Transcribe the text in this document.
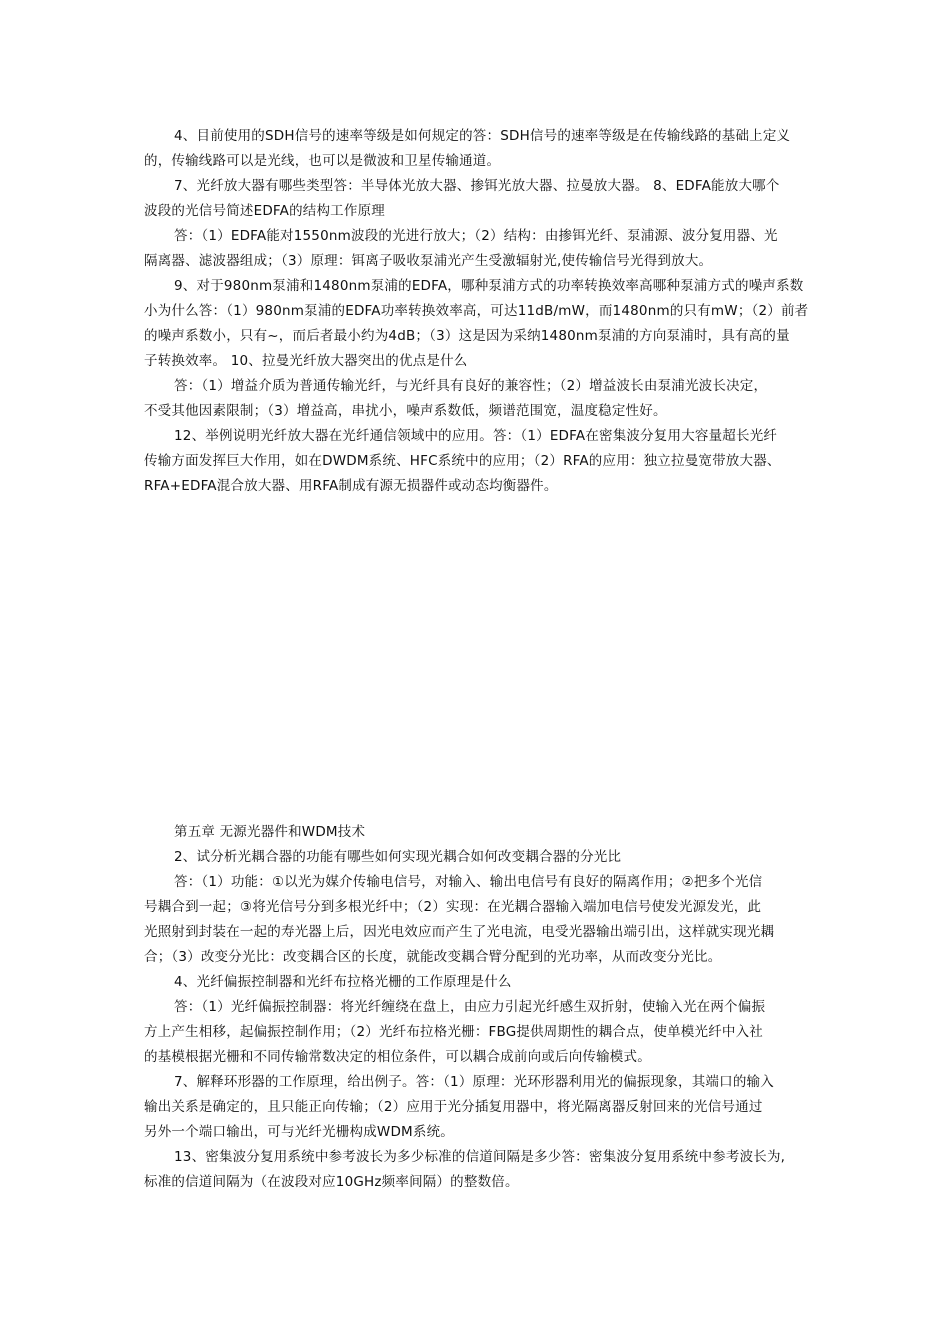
4、目前使用的SDH信号的速率等级是如何规定的答：SDH信号的速率等级是在传输线路的基础上定义
的，传输线路可以是光线，也可以是微波和卫星传输通道。
7、光纤放大器有哪些类型答：半导体光放大器、掺铒光放大器、拉曼放大器。 8、EDFA能放大哪个
波段的光信号简述EDFA的结构工作原理
答：（1）EDFA能对1550nm波段的光进行放大；（2）结构：由掺铒光纤、泵浦源、波分复用器、光
隔离器、滤波器组成；（3）原理：铒离子吸收泵浦光产生受激辐射光,使传输信号光得到放大。
9、对于980nm泵浦和1480nm泵浦的EDFA，哪种泵浦方式的功率转换效率高哪种泵浦方式的噪声系数
小为什么答：（1）980nm泵浦的EDFA功率转换效率高，可达11dB/mW，而1480nm的只有mW；（2）前者
的噪声系数小，只有~，而后者最小约为4dB；（3）这是因为采纳1480nm泵浦的方向泵浦时，具有高的量
子转换效率。 10、拉曼光纤放大器突出的优点是什么
答：（1）增益介质为普通传输光纤，与光纤具有良好的兼容性；（2）增益波长由泵浦光波长决定，
不受其他因素限制；（3）增益高，串扰小，噪声系数低，频谱范围宽，温度稳定性好。
12、举例说明光纤放大器在光纤通信领域中的应用。答：（1）EDFA在密集波分复用大容量超长光纤
传输方面发挥巨大作用，如在DWDM系统、HFC系统中的应用；（2）RFA的应用：独立拉曼宽带放大器、
RFA+EDFA混合放大器、用RFA制成有源无损器件或动态均衡器件。
第五章 无源光器件和WDM技术
2、试分析光耦合器的功能有哪些如何实现光耦合如何改变耦合器的分光比
答：（1）功能：①以光为媒介传输电信号，对输入、输出电信号有良好的隔离作用；②把多个光信
号耦合到一起；③将光信号分到多根光纤中；（2）实现：在光耦合器输入端加电信号使发光源发光，此
光照射到封装在一起的寿光器上后，因光电效应而产生了光电流，电受光器输出端引出，这样就实现光耦
合；（3）改变分光比：改变耦合区的长度，就能改变耦合臂分配到的光功率，从而改变分光比。
4、光纤偏振控制器和光纤布拉格光栅的工作原理是什么
答：（1）光纤偏振控制器：将光纤缠绕在盘上，由应力引起光纤感生双折射，使输入光在两个偏振
方上产生相移，起偏振控制作用；（2）光纤布拉格光栅：FBG提供周期性的耦合点，使单模光纤中入社
的基模根据光栅和不同传输常数决定的相位条件，可以耦合成前向或后向传输模式。
7、解释环形器的工作原理，给出例子。答：（1）原理：光环形器利用光的偏振现象，其端口的输入
输出关系是确定的，且只能正向传输；（2）应用于光分插复用器中，将光隔离器反射回来的光信号通过
另外一个端口输出，可与光纤光栅构成WDM系统。
13、密集波分复用系统中参考波长为多少标准的信道间隔是多少答：密集波分复用系统中参考波长为,
标准的信道间隔为（在波段对应10GHz频率间隔）的整数倍。
